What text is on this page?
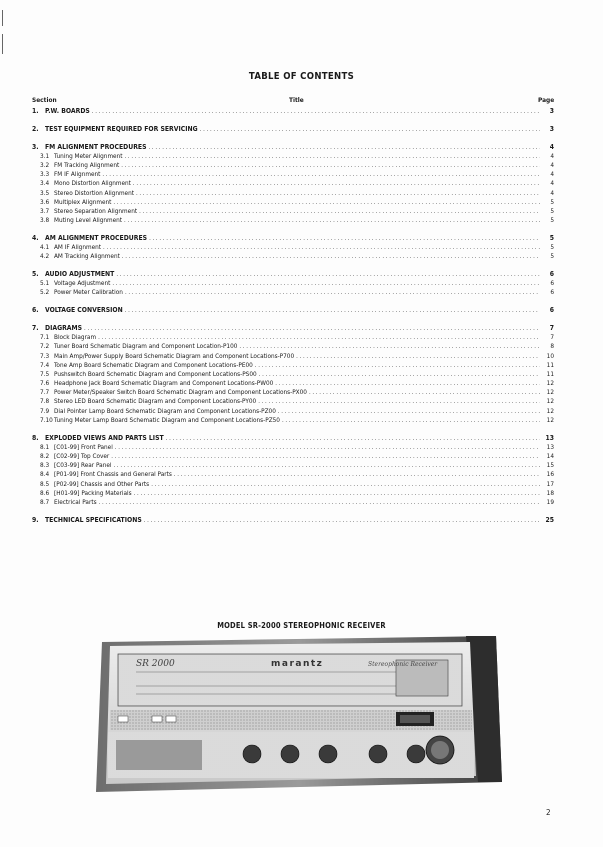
TABLE OF CONTENTS
Section	Title	Page
1. P.W. BOARDS . . .	3
2. TEST EQUIPMENT REQUIRED FOR SERVICING . . .	3
3. FM ALIGNMENT PROCEDURES . . .	4
3.1 Tuning Meter Alignment . . .	4
3.2 FM Tracking Alignment . . .	4
3.3 FM IF Alignment . . .	4
3.4 Mono Distortion Alignment . . .	4
3.5 Stereo Distortion Alignment . . .	4
3.6 Multiplex Alignment . . .	5
3.7 Stereo Separation Alignment . . .	5
3.8 Muting Level Alignment . . .	5
4. AM ALIGNMENT PROCEDURES . . .	5
4.1 AM IF Alignment . . .	5
4.2 AM Tracking Alignment . . .	5
5. AUDIO ADJUSTMENT . . .	6
5.1 Voltage Adjustment . . .	6
5.2 Power Meter Calibration . . .	6
6. VOLTAGE CONVERSION . . .	6
7. DIAGRAMS . . .	7
7.1 Block Diagram . . .	7
7.2 Tuner Board Schematic Diagram and Component Location-P100 . . .	8
7.3 Main Amp/Power Supply Board Schematic Diagram and Component Locations-P700 . . .	10
7.4 Tone Amp Board Schematic Diagram and Component Locations-PE00 . . .	11
7.5 Pushswitch Board Schematic Diagram and Component Locations-PS00 . . .	11
7.6 Headphone Jack Board Schematic Diagram and Component Locations-PW00 . . .	12
7.7 Power Meter/Speaker Switch Board Schematic Diagram and Component Locations-PX00 . . .	12
7.8 Stereo LED Board Schematic Diagram and Component Locations-PY00 . . .	12
7.9 Dial Pointer Lamp Board Schematic Diagram and Component Locations-PZ00 . . .	12
7.10 Tuning Meter Lamp Board Schematic Diagram and Component Locations-PZ50 . . .	12
8. EXPLODED VIEWS AND PARTS LIST . . .	13
8.1 [C01-99] Front Panel . . .	13
8.2 [C02-99] Top Cover . . .	14
8.3 [C03-99] Rear Panel . . .	15
8.4 [P01-99] Front Chassis and General Parts . . .	16
8.5 [P02-99] Chassis and Other Parts . . .	17
8.6 [H01-99] Packing Materials . . .	18
8.7 Electrical Parts . . .	19
9. TECHNICAL SPECIFICATIONS . . .	25
MODEL SR-2000 STEREOPHONIC RECEIVER
marantz
SR 2000	Stereophonic Receiver
2
